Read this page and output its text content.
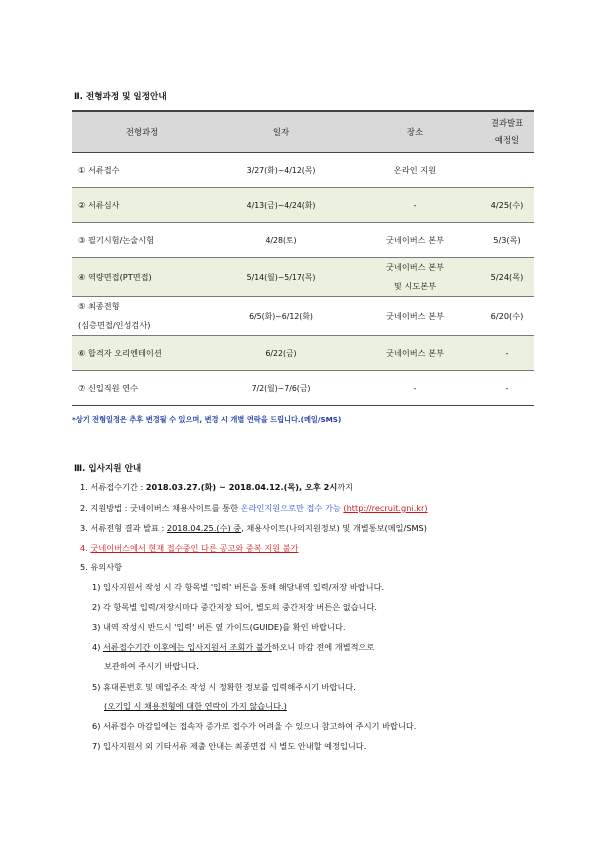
Ⅱ. 전형과정 및 일정안내
전형과정	일자	장소	결과발표
예정일

① 서류접수	3/27(화)~4/12(목)	온라인 지원	
② 서류심사	4/13(금)~4/24(화)	-	4/25(수)
③ 필기시험/논술시험	4/28(토)	굿네이버스 본부	5/3(목)
④ 역량면접(PT면접)	5/14(월)~5/17(목)	굿네이버스 본부
및 시도본부	5/24(목)

⑤ 최종전형
(심층면접/인성검사)	6/5(화)~6/12(화)	굿네이버스 본부	6/20(수)
⑥ 합격자 오리엔테이션	6/22(금)	굿네이버스 본부	-
⑦ 신입직원 연수	7/2(월)~7/6(금)	-	-
*상기 전형일정은 추후 변경될 수 있으며, 변경 시 개별 연락을 드립니다.(메일/SMS)
Ⅲ. 입사지원 안내
1. 서류접수기간 : 2018.03.27.(화) ~ 2018.04.12.(목), 오후 2시까지
2. 지원방법 : 굿네이버스 채용사이트를 통한 온라인지원으로만 접수 가능 (http://recruit.gni.kr)
3. 서류전형 결과 발표 : 2018.04.25.(수) 중, 채용사이트(나의지원정보) 및 개별통보(메일/SMS)
4. 굿네이버스에서 현재 접수중인 다른 공고와 중복 지원 불가
5. 유의사항
1) 입사지원서 작성 시 각 항목별 '입력' 버튼을 통해 해당내역 입력/저장 바랍니다.
2) 각 항목별 입력/저장시마다 중간저장 되어, 별도의 중간저장 버튼은 없습니다.
3) 내역 작성시 반드시 '입력' 버튼 옆 가이드(GUIDE)를 확인 바랍니다.
4) 서류접수기간 이후에는 입사지원서 조회가 불가하오니 마감 전에 개별적으로
보관하여 주시기 바랍니다.
5) 휴대폰번호 및 메일주소 작성 시 정확한 정보를 입력해주시기 바랍니다.
(오기입 시 채용전형에 대한 연락이 가지 않습니다.)
6) 서류접수 마감일에는 접속자 증가로 접수가 어려울 수 있으니 참고하여 주시기 바랍니다.
7) 입사지원서 외 기타서류 제출 안내는 최종면접 시 별도 안내할 예정입니다.
